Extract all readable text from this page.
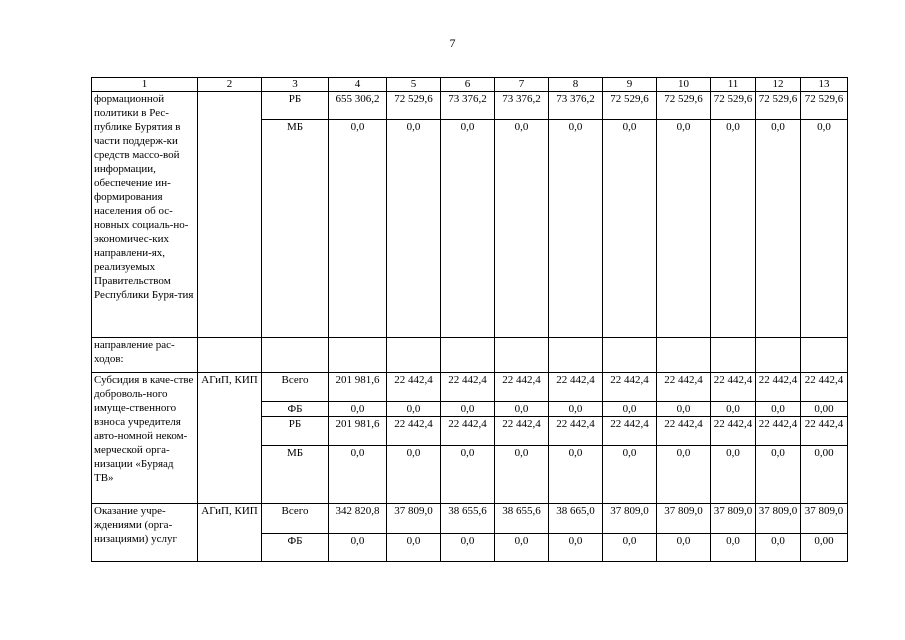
7
1	2	3	4	5	6	7	8	9	10	11	12	13
формационной политики в Рес-публике Бурятия в части поддерж-ки средств массо-вой информации, обеспечение ин-формирования населения об ос-новных социаль-но-экономичес-ких направлени-ях, реализуемых Правительством Республики Буря-тия		РБ	655 306,2	72 529,6	73 376,2	73 376,2	73 376,2	72 529,6	72 529,6	72 529,6	72 529,6	72 529,6
		МБ	0,0	0,0	0,0	0,0	0,0	0,0	0,0	0,0	0,0	0,0
направление рас-ходов:												
Субсидия в каче-стве доброволь-ного имуще-ственного взноса учредителя авто-номной неком-мерческой орга-низации «Буряад ТВ»	АГиП, КИП	Всего	201 981,6	22 442,4	22 442,4	22 442,4	22 442,4	22 442,4	22 442,4	22 442,4	22 442,4	22 442,4
		ФБ	0,0	0,0	0,0	0,0	0,0	0,0	0,0	0,0	0,0	0,00
		РБ	201 981,6	22 442,4	22 442,4	22 442,4	22 442,4	22 442,4	22 442,4	22 442,4	22 442,4	22 442,4
		МБ	0,0	0,0	0,0	0,0	0,0	0,0	0,0	0,0	0,0	0,00
Оказание учре-ждениями (орга-низациями) услуг	АГиП, КИП	Всего	342 820,8	37 809,0	38 655,6	38 655,6	38 665,0	37 809,0	37 809,0	37 809,0	37 809,0	37 809,0
		ФБ	0,0	0,0	0,0	0,0	0,0	0,0	0,0	0,0	0,0	0,00
